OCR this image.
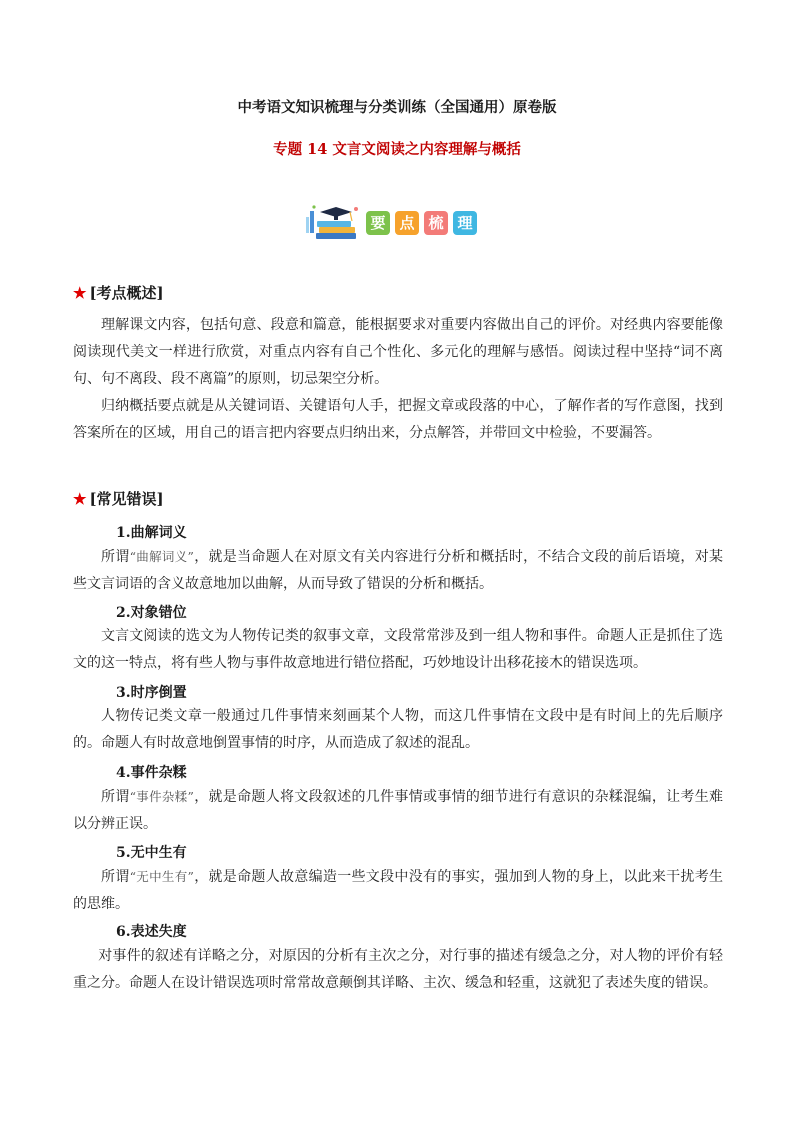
中考语文知识梳理与分类训练（全国通用）原卷版
专题 14 文言文阅读之内容理解与概括
要 点 梳 理
★ [考点概述]
理解课文内容，包括句意、段意和篇意，能根据要求对重要内容做出自己的评价。对经典内容要能像阅读现代美文一样进行欣赏，对重点内容有自己个性化、多元化的理解与感悟。阅读过程中坚持“词不离句、句不离段、段不离篇”的原则，切忌架空分析。
归纳概括要点就是从关键词语、关键语句人手，把握文章或段落的中心，了解作者的写作意图，找到答案所在的区域，用自己的语言把内容要点归纳出来，分点解答，并带回文中检验，不要漏答。
★ [常见错误]
1.曲解词义
所谓“曲解词义”，就是当命题人在对原文有关内容进行分析和概括时，不结合文段的前后语境，对某些文言词语的含义故意地加以曲解，从而导致了错误的分析和概括。
2.对象错位
文言文阅读的选文为人物传记类的叙事文章，文段常常涉及到一组人物和事件。命题人正是抓住了选文的这一特点，将有些人物与事件故意地进行错位搭配，巧妙地设计出移花接木的错误选项。
3.时序倒置
人物传记类文章一般通过几件事情来刻画某个人物，而这几件事情在文段中是有时间上的先后顺序的。命题人有时故意地倒置事情的时序，从而造成了叙述的混乱。
4.事件杂糅
所谓“事件杂糅”，就是命题人将文段叙述的几件事情或事情的细节进行有意识的杂糅混编，让考生难以分辨正误。
5.无中生有
所谓“无中生有”，就是命题人故意编造一些文段中没有的事实，强加到人物的身上，以此来干扰考生的思维。
6.表述失度
对事件的叙述有详略之分，对原因的分析有主次之分，对行事的描述有缓急之分，对人物的评价有轻重之分。命题人在设计错误选项时常常故意颠倒其详略、主次、缓急和轻重，这就犯了表述失度的错误。
